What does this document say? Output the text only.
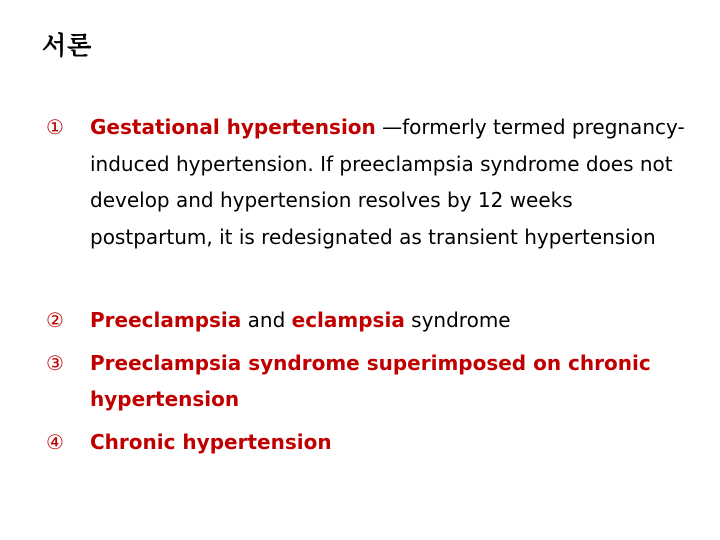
서론
①	Gestational hypertension —formerly termed pregnancy-induced hypertension. If preeclampsia syndrome does not develop and hypertension resolves by 12 weeks postpartum, it is redesignated as transient hypertension
②	Preeclampsia and eclampsia syndrome
③	Preeclampsia syndrome superimposed on chronic hypertension
④	Chronic hypertension
